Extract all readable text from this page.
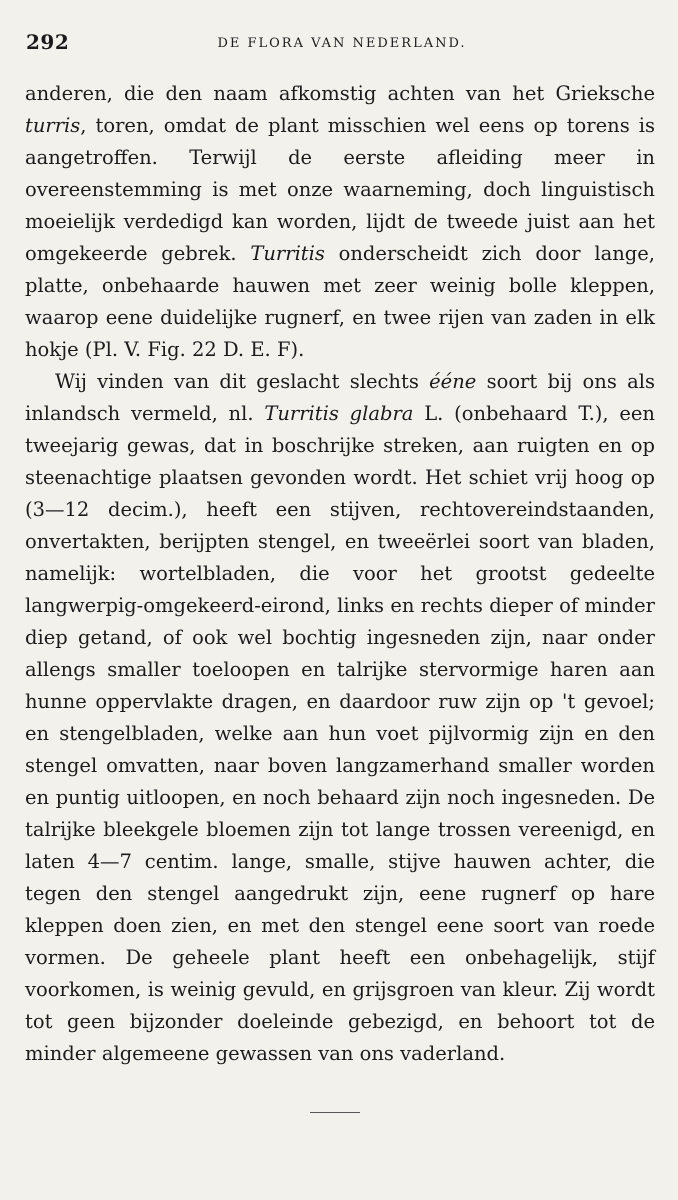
292	DE FLORA VAN NEDERLAND.

anderen, die den naam afkomstig achten van het Grieksche turris, toren, omdat de plant misschien wel eens op torens is aangetroffen. Terwijl de eerste afleiding meer in overeenstemming is met onze waarneming, doch linguistisch moeielijk verdedigd kan worden, lijdt de tweede juist aan het omgekeerde gebrek. Turritis onderscheidt zich door lange, platte, onbehaarde hauwen met zeer weinig bolle kleppen, waarop eene duidelijke rugnerf, en twee rijen van zaden in elk hokje (Pl. V. Fig. 22 D. E. F).

Wij vinden van dit geslacht slechts ééne soort bij ons als inlandsch vermeld, nl. Turritis glabra L. (onbehaard T.), een tweejarig gewas, dat in boschrijke streken, aan ruigten en op steenachtige plaatsen gevonden wordt. Het schiet vrij hoog op (3—12 decim.), heeft een stijven, rechtovereindstaanden, onvertakten, berijpten stengel, en tweeërlei soort van bladen, namelijk: wortelbladen, die voor het grootst gedeelte langwerpig-omgekeerd-eirond, links en rechts dieper of minder diep getand, of ook wel bochtig ingesneden zijn, naar onder allengs smaller toeloopen en talrijke stervormige haren aan hunne oppervlakte dragen, en daardoor ruw zijn op 't gevoel; en stengelbladen, welke aan hun voet pijlvormig zijn en den stengel omvatten, naar boven langzamerhand smaller worden en puntig uitloopen, en noch behaard zijn noch ingesneden. De talrijke bleekgele bloemen zijn tot lange trossen vereenigd, en laten 4—7 centim. lange, smalle, stijve hauwen achter, die tegen den stengel aangedrukt zijn, eene rugnerf op hare kleppen doen zien, en met den stengel eene soort van roede vormen. De geheele plant heeft een onbehagelijk, stijf voorkomen, is weinig gevuld, en grijsgroen van kleur. Zij wordt tot geen bijzonder doeleinde gebezigd, en behoort tot de minder algemeene gewassen van ons vaderland.
